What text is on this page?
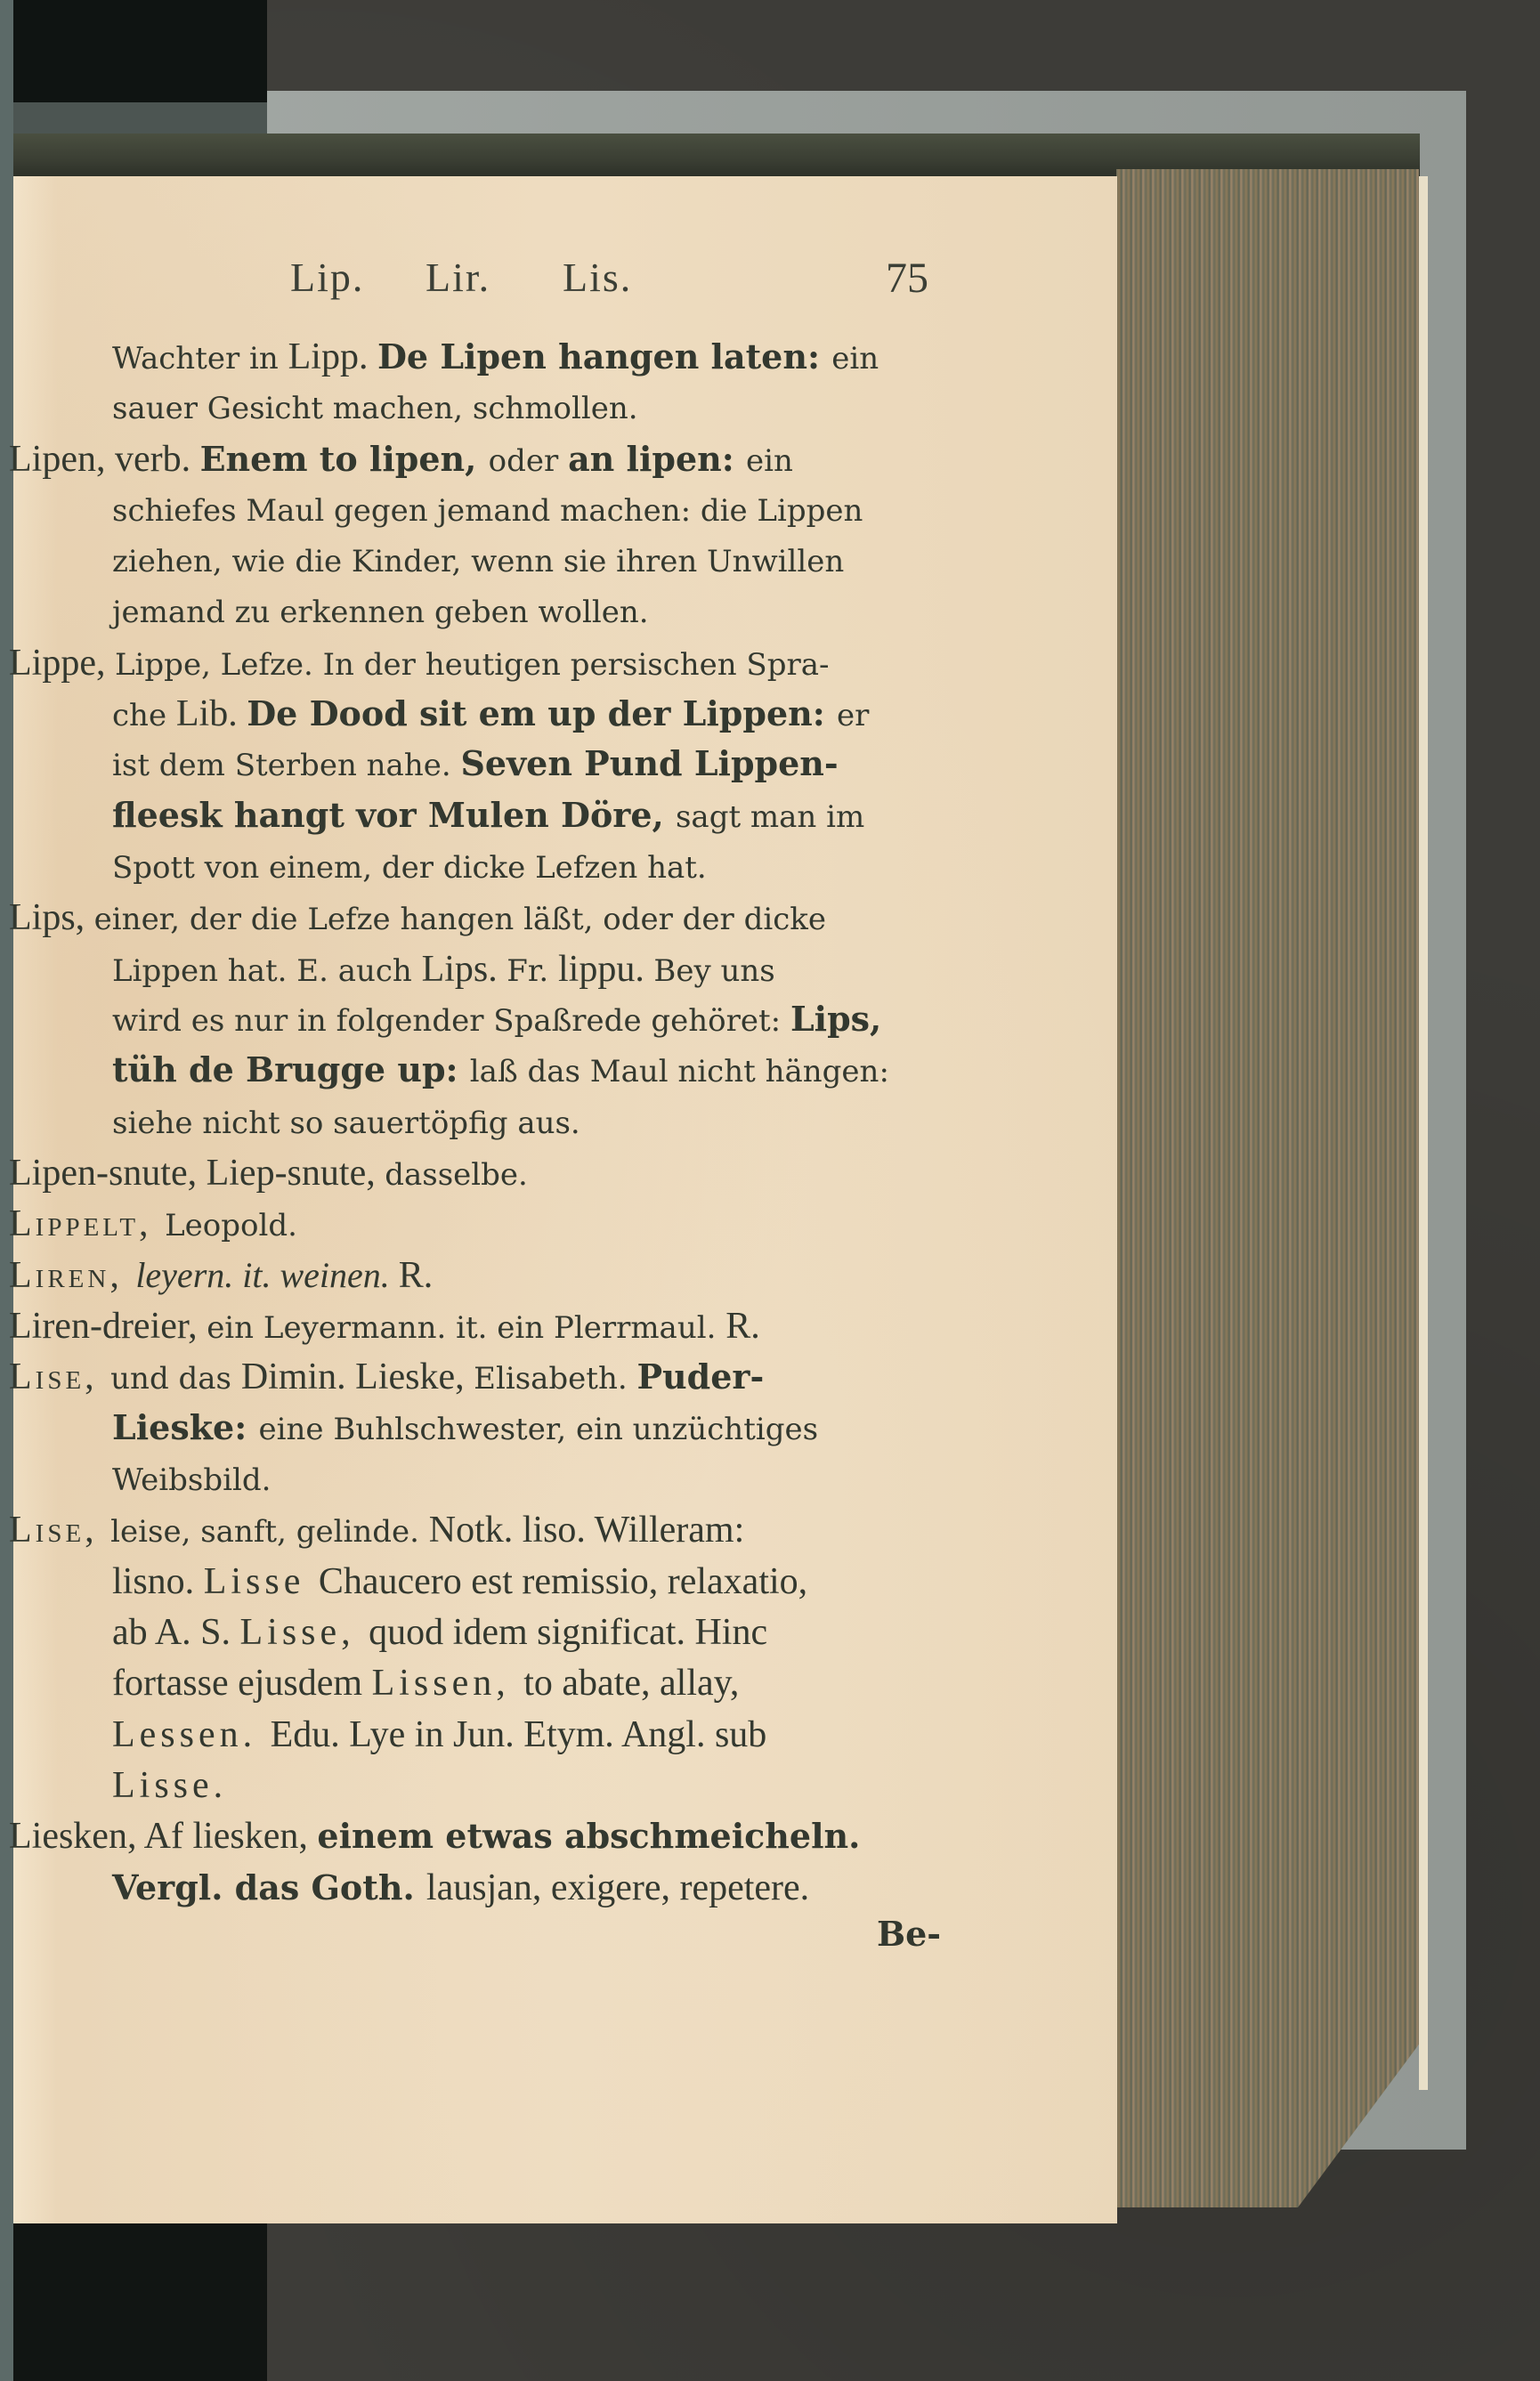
Lip. Lir. Lis.	75
Wachter in Lipp. De Lipen hangen laten: ein
sauer Gesicht machen, schmollen.
Lipen, verb. Enem to lipen, oder an lipen: ein
schiefes Maul gegen jemand machen: die Lippen
ziehen, wie die Kinder, wenn sie ihren Unwillen
jemand zu erkennen geben wollen.
Lippe, Lippe, Lefze. In der heutigen persischen Spra-
che Lib. De Dood sit em up der Lippen: er
ist dem Sterben nahe. Seven Pund Lippen-
fleesk hangt vor Mulen Döre, sagt man im
Spott von einem, der dicke Lefzen hat.
Lips, einer, der die Lefze hangen läßt, oder der dicke
Lippen hat. E. auch Lips. Fr. lippu. Bey uns
wird es nur in folgender Spaßrede gehöret: Lips,
tüh de Brugge up: laß das Maul nicht hängen:
siehe nicht so sauertöpfig aus.
Lipen-snute, Liep-snute, dasselbe.
Lippelt, Leopold.
Liren, leyern. it. weinen. R.
Liren-dreier, ein Leyermann. it. ein Plerrmaul. R.
Lise, und das Dimin. Lieske, Elisabeth. Puder-
Lieske: eine Buhlschwester, ein unzüchtiges
Weibsbild.
Lise, leise, sanft, gelinde. Notk. liso. Willeram:
lisno. Lisse Chaucero est remissio, relaxatio,
ab A. S. Lisse, quod idem significat. Hinc
fortasse ejusdem Lissen, to abate, allay,
Lessen. Edu. Lye in Jun. Etym. Angl. sub
Lisse.
Liesken, Af liesken, einem etwas abschmeicheln.
Vergl. das Goth. lausjan, exigere, repetere.
Be-
